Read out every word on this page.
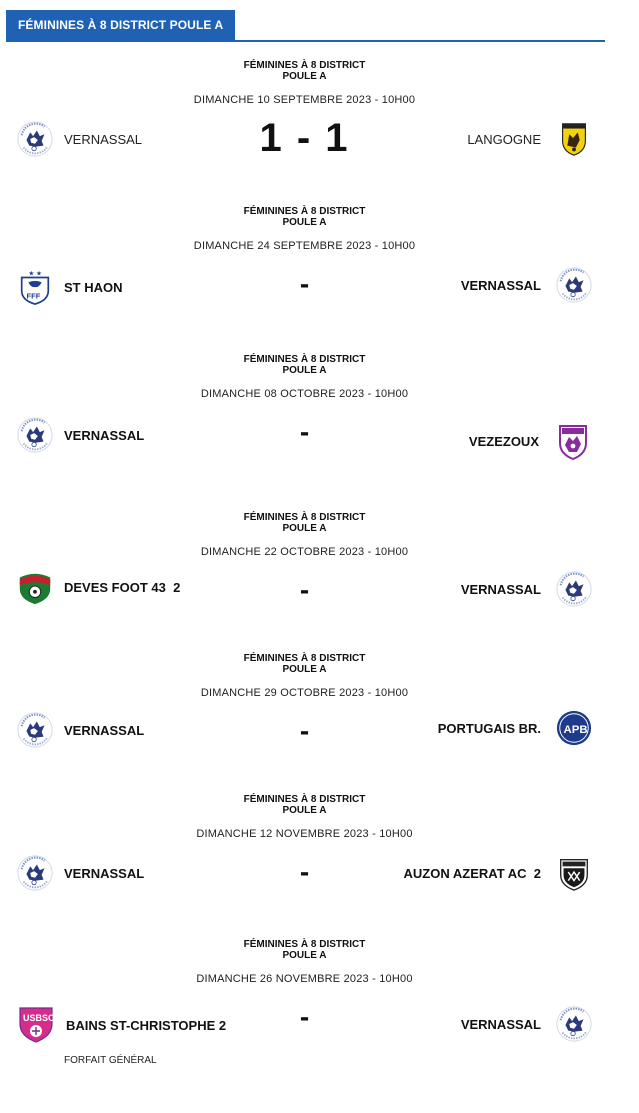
FÉMININES À 8 DISTRICT POULE A
FÉMININES À 8 DISTRICT
POULE A
DIMANCHE 10 SEPTEMBRE 2023 - 10H00
VERNASSAL	1 - 1	LANGOGNE
FÉMININES À 8 DISTRICT
POULE A
DIMANCHE 24 SEPTEMBRE 2023 - 10H00
ST HAON	-	VERNASSAL
FÉMININES À 8 DISTRICT
POULE A
DIMANCHE 08 OCTOBRE 2023 - 10H00
VERNASSAL	-	VEZEZOUX
FÉMININES À 8 DISTRICT
POULE A
DIMANCHE 22 OCTOBRE 2023 - 10H00
DEVES FOOT 43  2	-	VERNASSAL
FÉMININES À 8 DISTRICT
POULE A
DIMANCHE 29 OCTOBRE 2023 - 10H00
VERNASSAL	-	PORTUGAIS BR.
FÉMININES À 8 DISTRICT
POULE A
DIMANCHE 12 NOVEMBRE 2023 - 10H00
VERNASSAL	-	AUZON AZERAT AC  2
FÉMININES À 8 DISTRICT
POULE A
DIMANCHE 26 NOVEMBRE 2023 - 10H00
BAINS ST-CHRISTOPHE 2	-	VERNASSAL
FORFAIT GÉNÉRAL
